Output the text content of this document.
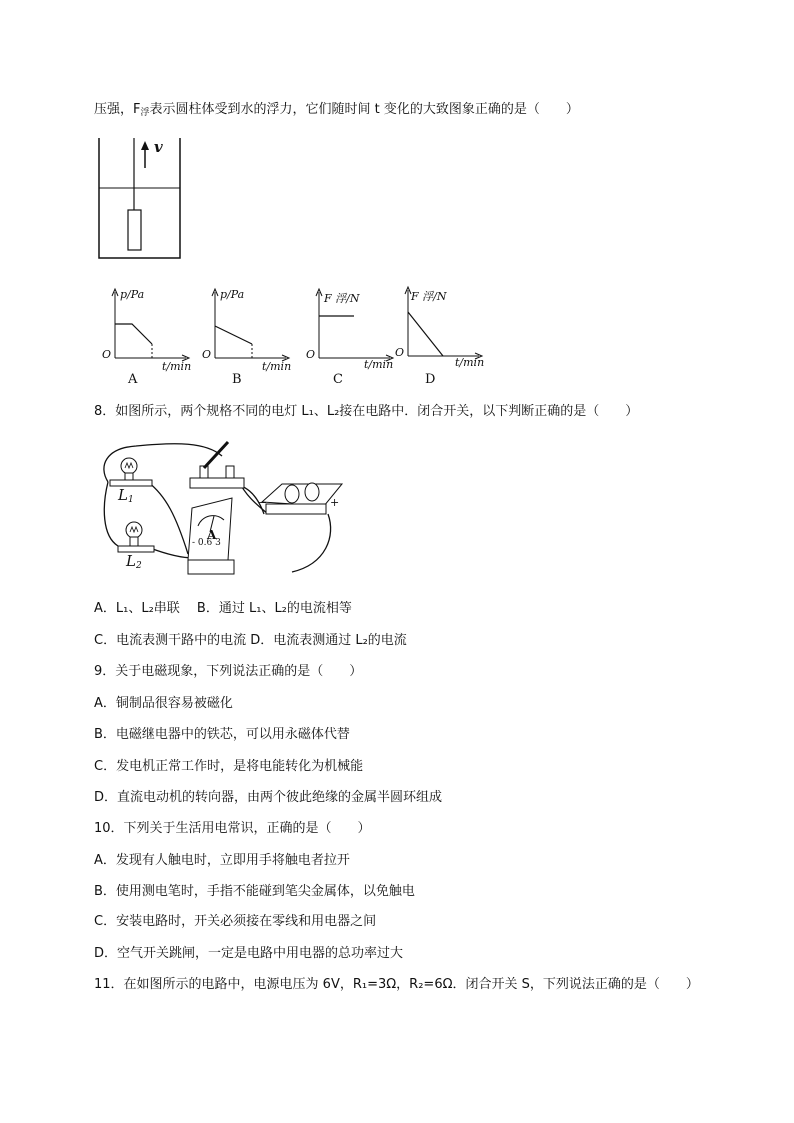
压强，$F_浮$表示圆柱体受到水的浮力，它们随时间 t 变化的大致图象正确的是（　　）
v
p/Pa
O
t/min
A
p/Pa
O
t/min
B
F 浮/N
O
t/min
C
F 浮/N
O
t/min
D
8．如图所示，两个规格不同的电灯 L₁、L₂接在电路中．闭合开关，以下判断正确的是（　　）
$L_1$
$L_2$
A
- 0.6 3
−	+
A．L₁、L₂串联　 B．通过 L₁、L₂的电流相等
C．电流表测干路中的电流 D．电流表测通过 L₂的电流
9．关于电磁现象，下列说法正确的是（　　）
A．铜制品很容易被磁化
B．电磁继电器中的铁芯，可以用永磁体代替
C．发电机正常工作时，是将电能转化为机械能
D．直流电动机的转向器，由两个彼此绝缘的金属半圆环组成
10．下列关于生活用电常识，正确的是（　　）
A．发现有人触电时，立即用手将触电者拉开
B．使用测电笔时，手指不能碰到笔尖金属体，以免触电
C．安装电路时，开关必须接在零线和用电器之间
D．空气开关跳闸，一定是电路中用电器的总功率过大
11．在如图所示的电路中，电源电压为 6V，R₁=3Ω，R₂=6Ω．闭合开关 S，下列说法正确的是（　　）
